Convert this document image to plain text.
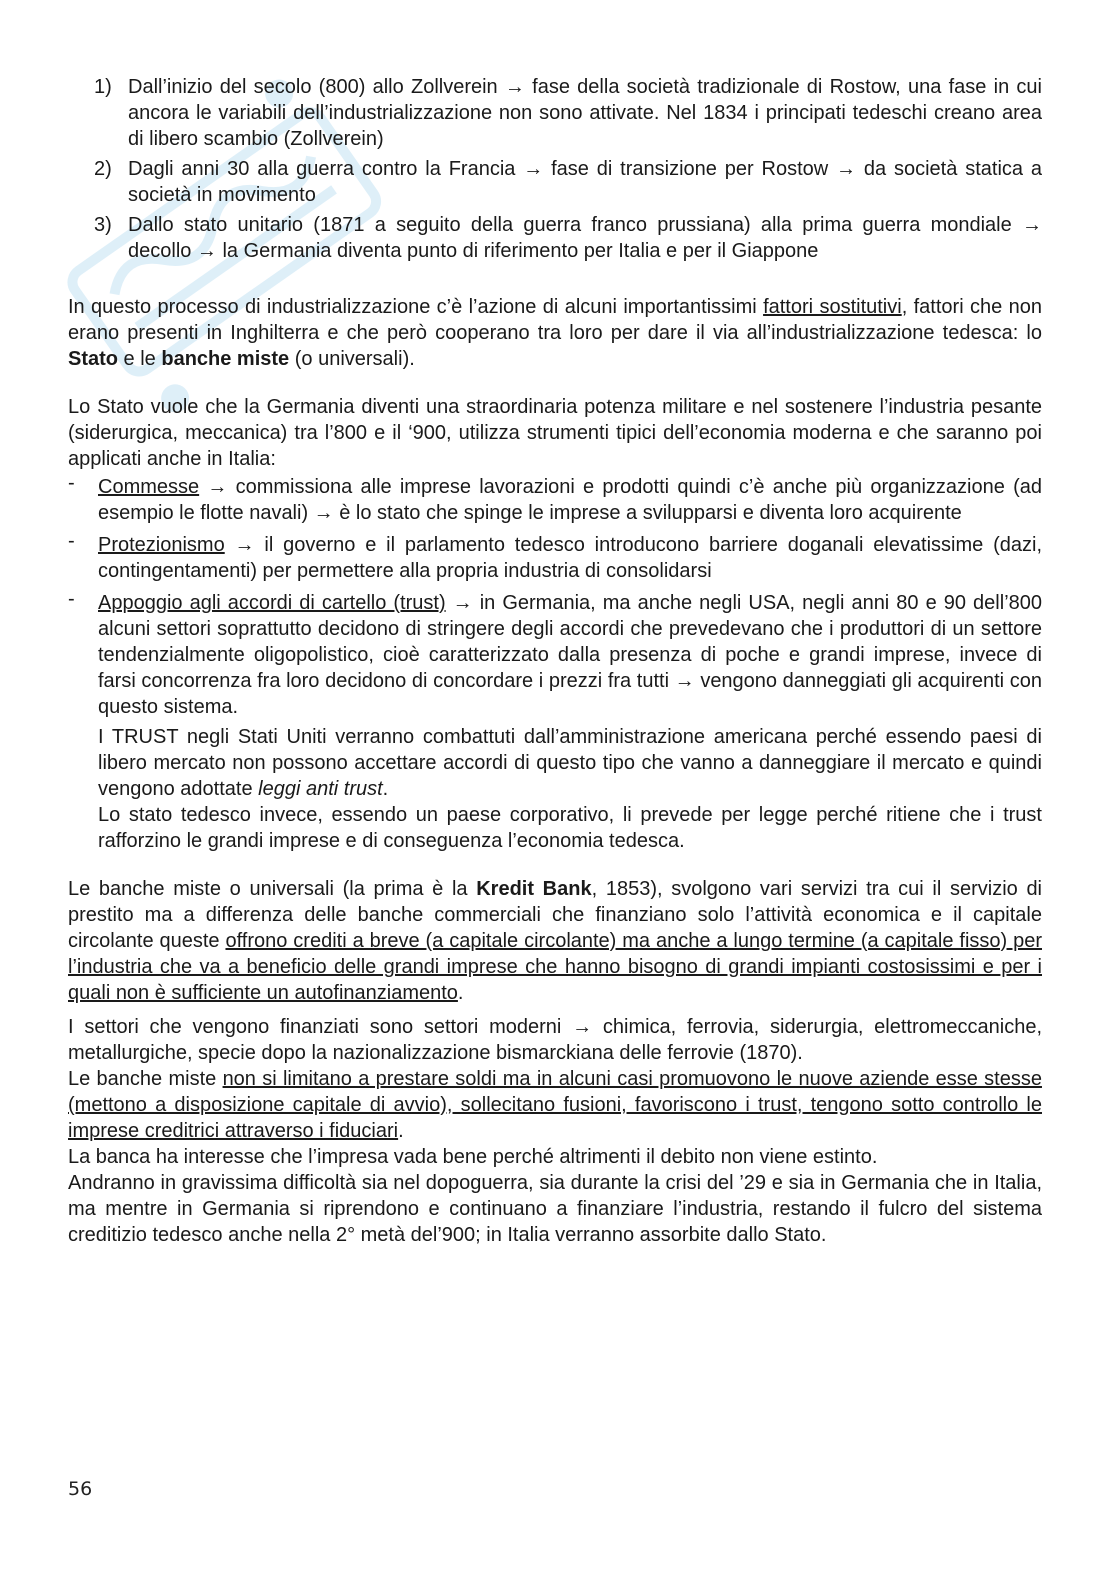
1) Dall’inizio del secolo (800) allo Zollverein → fase della società tradizionale di Rostow, una fase in cui ancora le variabili dell’industrializzazione non sono attivate. Nel 1834 i principati tedeschi creano area di libero scambio (Zollverein)
2) Dagli anni 30 alla guerra contro la Francia → fase di transizione per Rostow → da società statica a società in movimento
3) Dallo stato unitario (1871 a seguito della guerra franco prussiana) alla prima guerra mondiale → decollo → la Germania diventa punto di riferimento per Italia e per il Giappone

In questo processo di industrializzazione c’è l’azione di alcuni importantissimi fattori sostitutivi, fattori che non erano presenti in Inghilterra e che però cooperano tra loro per dare il via all’industrializzazione tedesca: lo Stato e le banche miste (o universali).

Lo Stato vuole che la Germania diventi una straordinaria potenza militare e nel sostenere l’industria pesante (siderurgica, meccanica) tra l’800 e il ‘900, utilizza strumenti tipici dell’economia moderna e che saranno poi applicati anche in Italia:

- Commesse → commissiona alle imprese lavorazioni e prodotti quindi c’è anche più organizzazione (ad esempio le flotte navali) → è lo stato che spinge le imprese a svilupparsi e diventa loro acquirente
- Protezionismo → il governo e il parlamento tedesco introducono barriere doganali elevatissime (dazi, contingentamenti) per permettere alla propria industria di consolidarsi
- Appoggio agli accordi di cartello (trust) → in Germania, ma anche negli USA, negli anni 80 e 90 dell’800 alcuni settori soprattutto decidono di stringere degli accordi che prevedevano che i produttori di un settore tendenzialmente oligopolistico, cioè caratterizzato dalla presenza di poche e grandi imprese, invece di farsi concorrenza fra loro decidono di concordare i prezzi fra tutti → vengono danneggiati gli acquirenti con questo sistema.
I TRUST negli Stati Uniti verranno combattuti dall’amministrazione americana perché essendo paesi di libero mercato non possono accettare accordi di questo tipo che vanno a danneggiare il mercato e quindi vengono adottate leggi anti trust.
Lo stato tedesco invece, essendo un paese corporativo, li prevede per legge perché ritiene che i trust rafforzino le grandi imprese e di conseguenza l’economia tedesca.

Le banche miste o universali (la prima è la Kredit Bank, 1853), svolgono vari servizi tra cui il servizio di prestito ma a differenza delle banche commerciali che finanziano solo l’attività economica e il capitale circolante queste offrono crediti a breve (a capitale circolante) ma anche a lungo termine (a capitale fisso) per l’industria che va a beneficio delle grandi imprese che hanno bisogno di grandi impianti costosissimi e per i quali non è sufficiente un autofinanziamento.

I settori che vengono finanziati sono settori moderni → chimica, ferrovia, siderurgia, elettromeccaniche, metallurgiche, specie dopo la nazionalizzazione bismarckiana delle ferrovie (1870).

Le banche miste non si limitano a prestare soldi ma in alcuni casi promuovono le nuove aziende esse stesse (mettono a disposizione capitale di avvio), sollecitano fusioni, favoriscono i trust, tengono sotto controllo le imprese creditrici attraverso i fiduciari.

La banca ha interesse che l’impresa vada bene perché altrimenti il debito non viene estinto.

Andranno in gravissima difficoltà sia nel dopoguerra, sia durante la crisi del ’29 e sia in Germania che in Italia, ma mentre in Germania si riprendono e continuano a finanziare l’industria, restando il fulcro del sistema creditizio tedesco anche nella 2° metà del’900; in Italia verranno assorbite dallo Stato.

56
